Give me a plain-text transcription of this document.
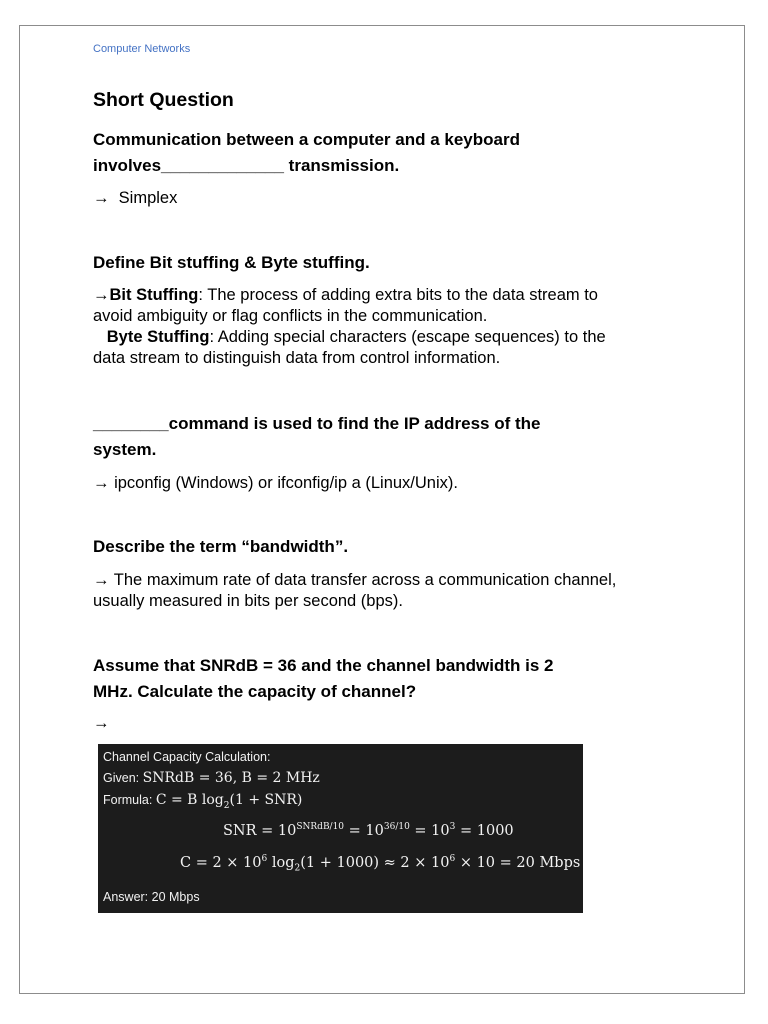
Computer Networks
Short Question
Communication between a computer and a keyboard
involves_____________ transmission.
→ Simplex
Define Bit stuffing & Byte stuffing.
→Bit Stuffing: The process of adding extra bits to the data stream to
avoid ambiguity or flag conflicts in the communication.
Byte Stuffing: Adding special characters (escape sequences) to the
data stream to distinguish data from control information.
________command is used to find the IP address of the
system.
→ ipconfig (Windows) or ifconfig/ip a (Linux/Unix).
Describe the term “bandwidth”.
→ The maximum rate of data transfer across a communication channel,
usually measured in bits per second (bps).
Assume that SNRdB = 36 and the channel bandwidth is 2
MHz. Calculate the capacity of channel?
→
Channel Capacity Calculation:
Given: SNRdB = 36, B = 2 MHz
Formula: C = B $\log_2(1 + SNR)$
SNR = $10^{SNRdB/10} = 10^{36/10} = 10^3 = 1000$
$C = 2 \times 10^6$ $\log_2(1 + 1000) \approx 2 \times 10^6 \times 10 = 20$ Mbps
Answer: 20 Mbps
